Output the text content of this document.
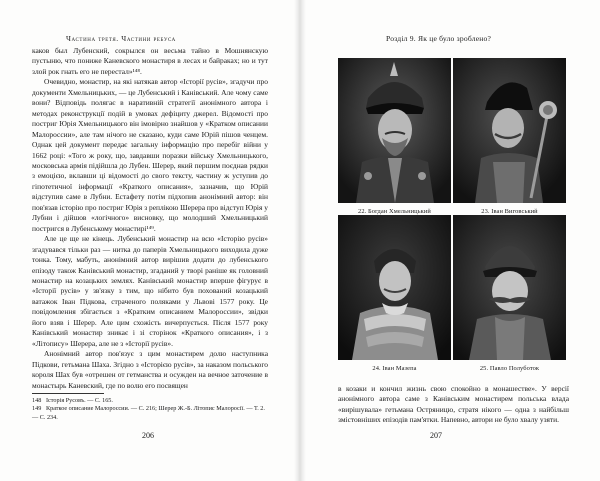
Частина третя. Частини ребуса

каков был Лубенский, сокрылся он весьма тайно в Мошнянскую пустыню, что пониже Каневского монастиря в лесах и байраках; но и тут злой рок гнать его не перестал»¹⁴⁸.

Очевидно, монастир, на які натякав автор «Історії русів», згадучи про документи Хмельницьких, — це Лубенський і Канівський. Але чому саме вони? Відповідь полягає в наративній стратегії анонімного автора і методах реконструкції подій в умовах дефіциту джерел. Відомості про постриг Юрія Хмельницького він імовірно знайшов у «Кратком описании Малороссии», але там нічого не сказано, куди саме Юрій пішов ченцем. Однак цей документ передає загальну інформацію про перебіг війни у 1662 році: «Того ж року, що, завдавши поразки війську Хмельницького, московська армія підійшла до Лубен. Шерер, який першим поєднав рядки з емоцією, вклавши ці відомості до свого тексту, частину ж уступив до гіпотетичної інформації «Краткого описания», зазначив, що Юрій відступив саме в Лубни. Естафету потім підхопив анонімний автор: він пов'язав історію про постриг Юрія з реплікою Шерера про відступ Юрія у Лубни і дійшов «логічного» висновку, що молодший Хмельницький постригся в Лубенському монастирі¹⁴⁹.

Але це ще не кінець. Лубенський монастир на всю «Історію русів» згадувався тільки раз — нитка до паперів Хмельницького виходила дуже тонка. Тому, мабуть, анонімний автор вирішив додати до лубенського епізоду також Канівський монастир, згаданий у творі раніше як головний монастир на козацьких землях. Канівський монастир вперше фігурує в «Історії русів» у зв'язку з тим, що нібито був похований козацький ватажок Іван Підкова, страченого поляками у Львові 1577 року. Це повідомлення збігається з «Кратким описанием Малороссии», звідки його взяв і Шерер. Але цим схожість вичерпується. Після 1577 року Канівський монастир зникає і зі сторінок «Краткого описания», і з «Літопису» Шерера, але не з «Історії русів».

Анонімний автор пов'язує з цим монастирем долю наступника Підкови, гетьмана Шаха. Згідно з «Історією русів», за наказом польського короля Шах був «отрешен от гетманства и осужден на вечное заточение в монастырь Каневский, где по волю его посвящен

148 Історія Русовъ. — С. 165.

149 Краткое описание Малороссии. — С. 216; Шерер Ж.-Б. Літопис Малоросії. — Т. 2. — С. 234.

206
Розділ 9. Як це було зроблено?
22. Богдан Хмельницький	23. Іван Виговський
24. Іван Мазепа	25. Павло Полуботок

в козаки и кончил жизнь свою спокойно в монашестве». У версії анонімного автора саме з Канівським монастирем польська влада «вирішувала» гетьмана Остряницю, стратя нікого — одна з найбільш змістовніших епізодів пам'ятки. Напевно, автори не було хвалу узяти.

207
